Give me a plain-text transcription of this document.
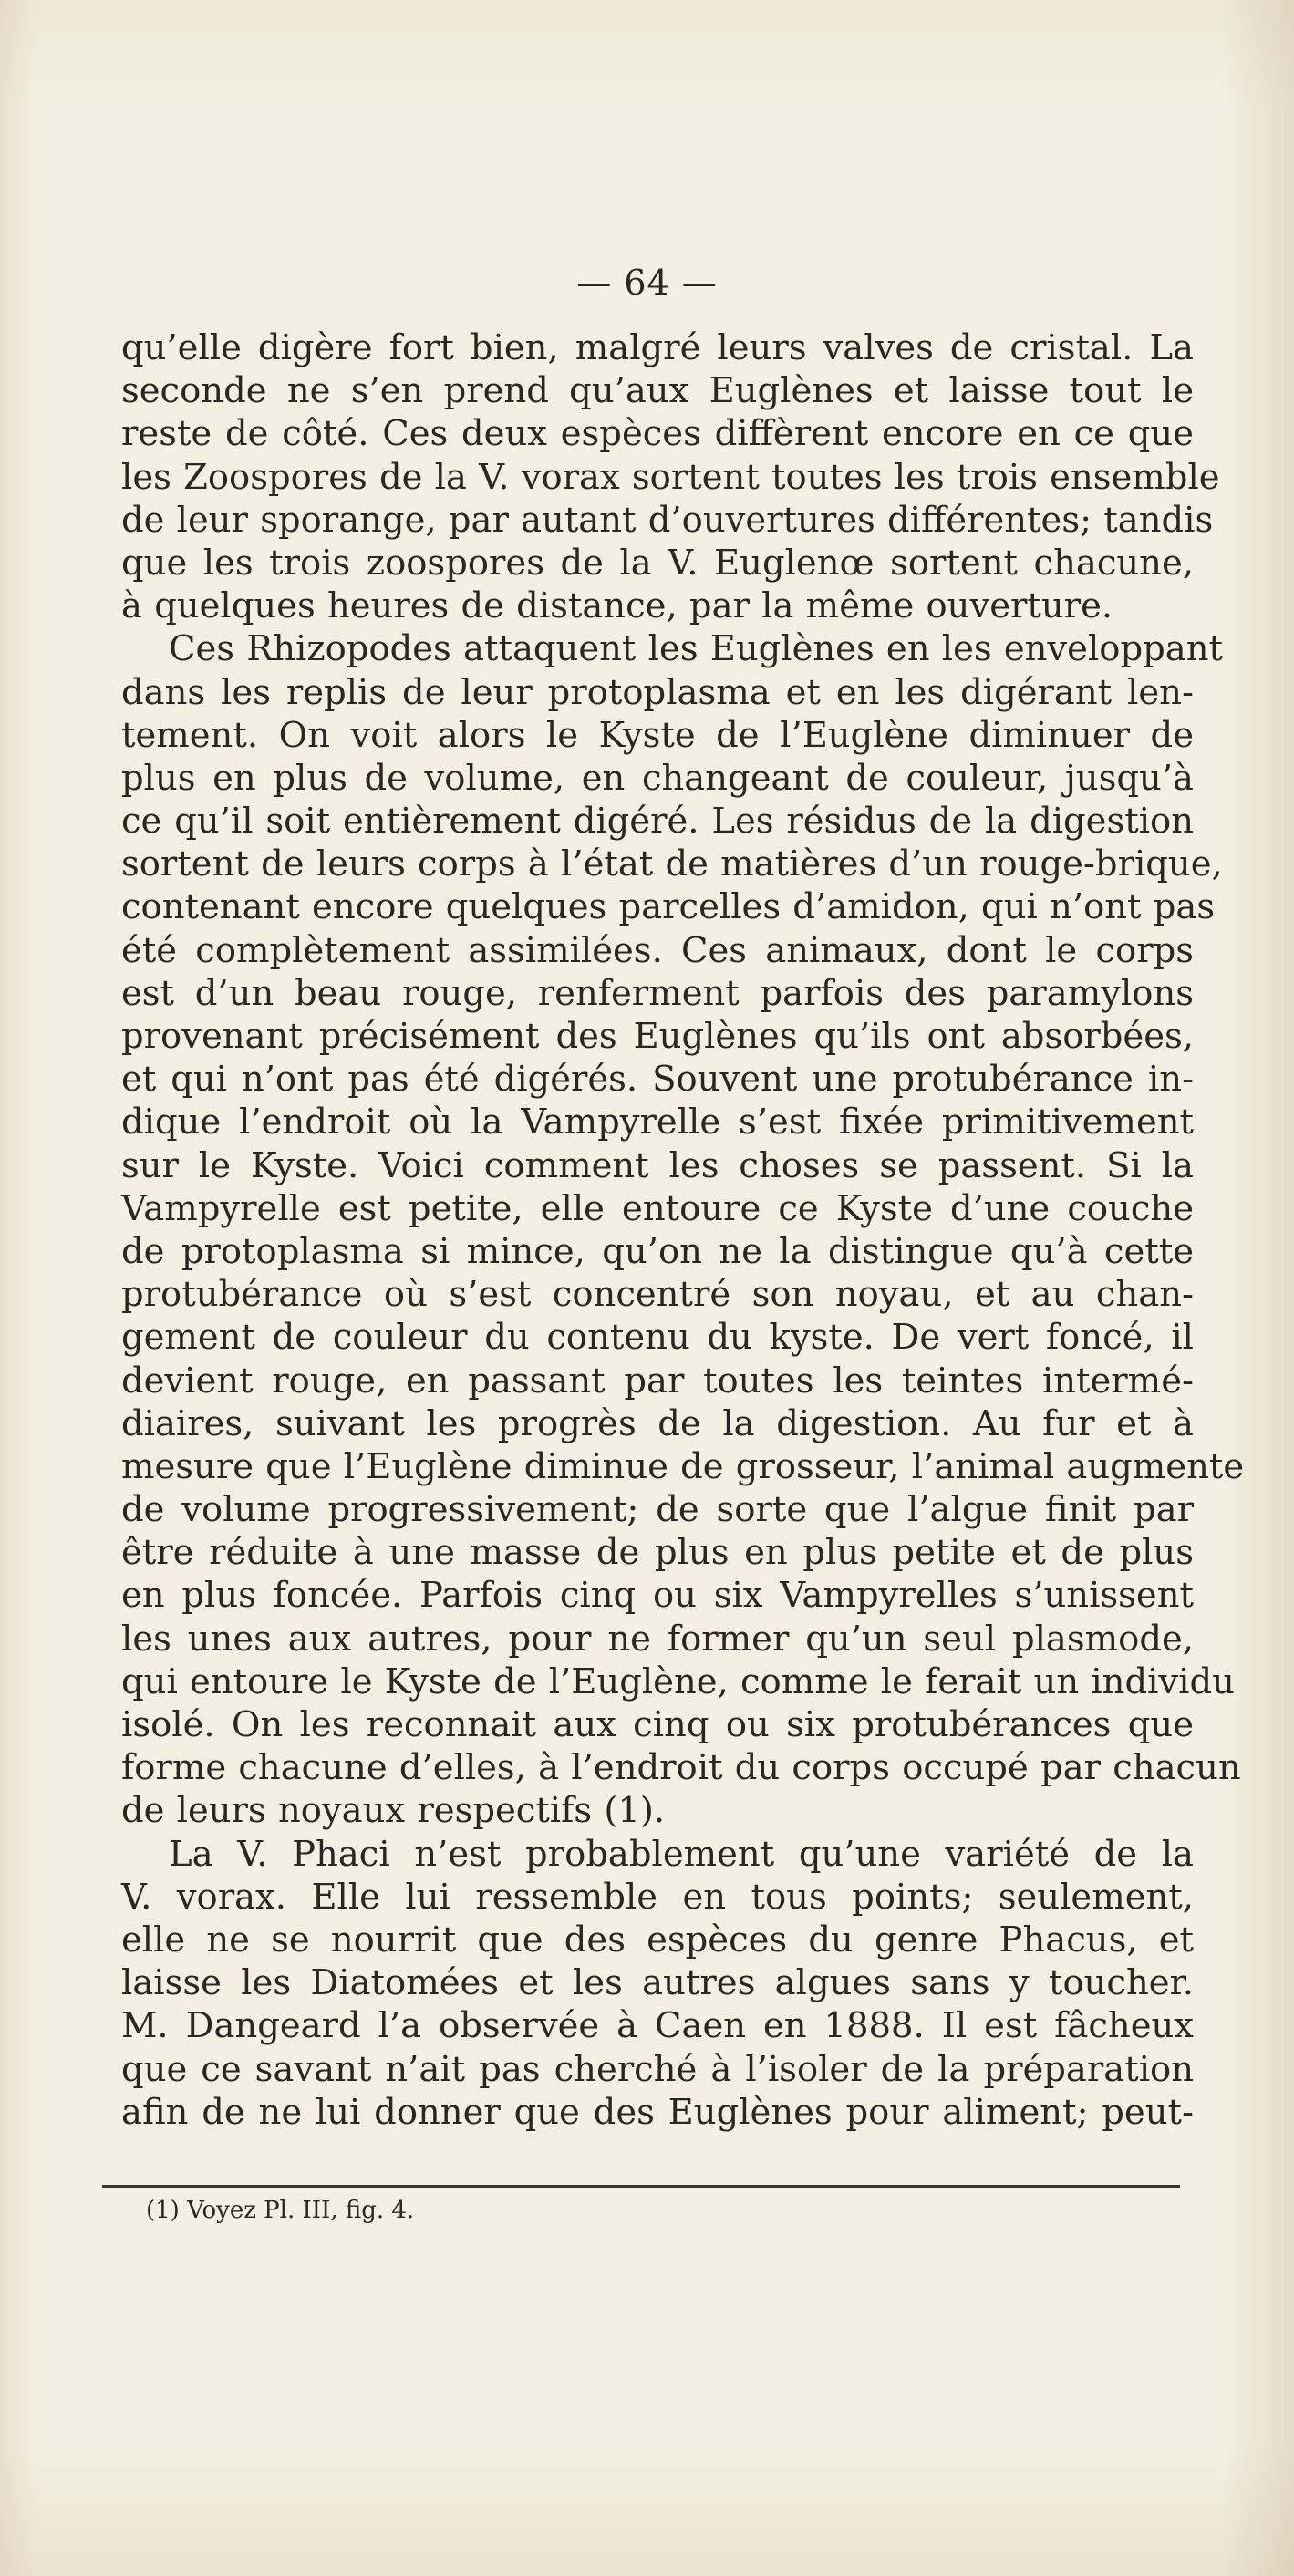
— 64 —
qu’elle digère fort bien, malgré leurs valves de cristal. La
seconde ne s’en prend qu’aux Euglènes et laisse tout le
reste de côté. Ces deux espèces diffèrent encore en ce que
les Zoospores de la V. vorax sortent toutes les trois ensemble
de leur sporange, par autant d’ouvertures différentes; tandis
que les trois zoospores de la V. Euglenœ sortent chacune,
à quelques heures de distance, par la même ouverture.
Ces Rhizopodes attaquent les Euglènes en les enveloppant
dans les replis de leur protoplasma et en les digérant len-
tement. On voit alors le Kyste de l’Euglène diminuer de
plus en plus de volume, en changeant de couleur, jusqu’à
ce qu’il soit entièrement digéré. Les résidus de la digestion
sortent de leurs corps à l’état de matières d’un rouge-brique,
contenant encore quelques parcelles d’amidon, qui n’ont pas
été complètement assimilées. Ces animaux, dont le corps
est d’un beau rouge, renferment parfois des paramylons
provenant précisément des Euglènes qu’ils ont absorbées,
et qui n’ont pas été digérés. Souvent une protubérance in-
dique l’endroit où la Vampyrelle s’est fixée primitivement
sur le Kyste. Voici comment les choses se passent. Si la
Vampyrelle est petite, elle entoure ce Kyste d’une couche
de protoplasma si mince, qu’on ne la distingue qu’à cette
protubérance où s’est concentré son noyau, et au chan-
gement de couleur du contenu du kyste. De vert foncé, il
devient rouge, en passant par toutes les teintes intermé-
diaires, suivant les progrès de la digestion. Au fur et à
mesure que l’Euglène diminue de grosseur, l’animal augmente
de volume progressivement; de sorte que l’algue finit par
être réduite à une masse de plus en plus petite et de plus
en plus foncée. Parfois cinq ou six Vampyrelles s’unissent
les unes aux autres, pour ne former qu’un seul plasmode,
qui entoure le Kyste de l’Euglène, comme le ferait un individu
isolé. On les reconnait aux cinq ou six protubérances que
forme chacune d’elles, à l’endroit du corps occupé par chacun
de leurs noyaux respectifs (1).
La V. Phaci n’est probablement qu’une variété de la
V. vorax. Elle lui ressemble en tous points; seulement,
elle ne se nourrit que des espèces du genre Phacus, et
laisse les Diatomées et les autres algues sans y toucher.
M. Dangeard l’a observée à Caen en 1888. Il est fâcheux
que ce savant n’ait pas cherché à l’isoler de la préparation
afin de ne lui donner que des Euglènes pour aliment; peut-
(1) Voyez Pl. III, fig. 4.
